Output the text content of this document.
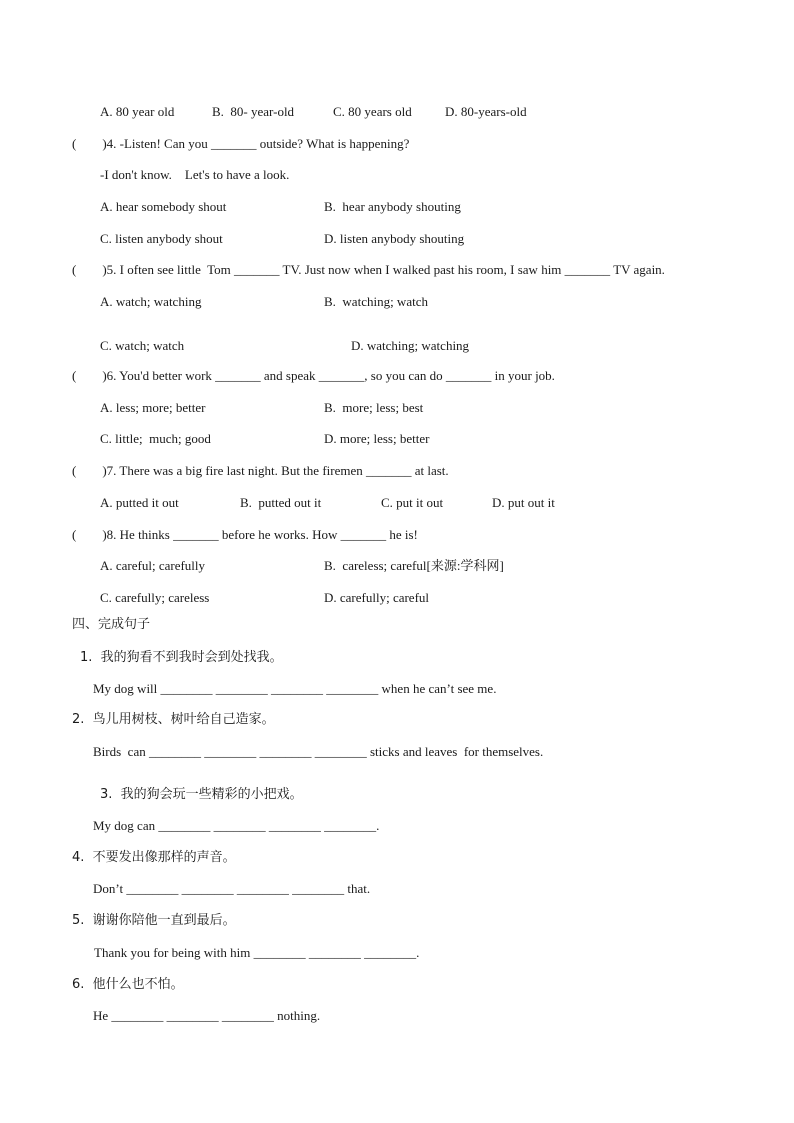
A. 80 year old	B.  80- year-old	C. 80 years old	D. 80-years-old
(        )4. -Listen! Can you _______ outside? What is happening?
-I don't know.    Let's to have a look.
A. hear somebody shout	B.  hear anybody shouting
C. listen anybody shout	D. listen anybody shouting
(        )5. I often see little  Tom _______ TV. Just now when I walked past his room, I saw him _______ TV again.
A. watch; watching	B.  watching; watch
C. watch; watch	D. watching; watching
(        )6. You'd better work _______ and speak _______, so you can do _______ in your job.
A. less; more; better	B.  more; less; best
C. little;  much; good	D. more; less; better
(        )7. There was a big fire last night. But the firemen _______ at last.
A. putted it out	B.  putted out it	C. put it out	D. put out it
(        )8. He thinks _______ before he works. How _______ he is!
A. careful; carefully	B.  careless; careful[来源:学科网]
C. carefully; careless	D. carefully; careful
四、完成句子
1.  我的狗看不到我时会到处找我。
My dog will ________ ________ ________ ________ when he can’t see me.
2.  鸟儿用树枝、树叶给自己造家。
Birds  can ________ ________ ________ ________ sticks and leaves  for themselves.
3.  我的狗会玩一些精彩的小把戏。
My dog can ________ ________ ________ ________.
4.  不要发出像那样的声音。
Don’t ________ ________ ________ ________ that.
5.  谢谢你陪他一直到最后。
Thank you for being with him ________ ________ ________.
6.  他什么也不怕。
He ________ ________ ________ nothing.
